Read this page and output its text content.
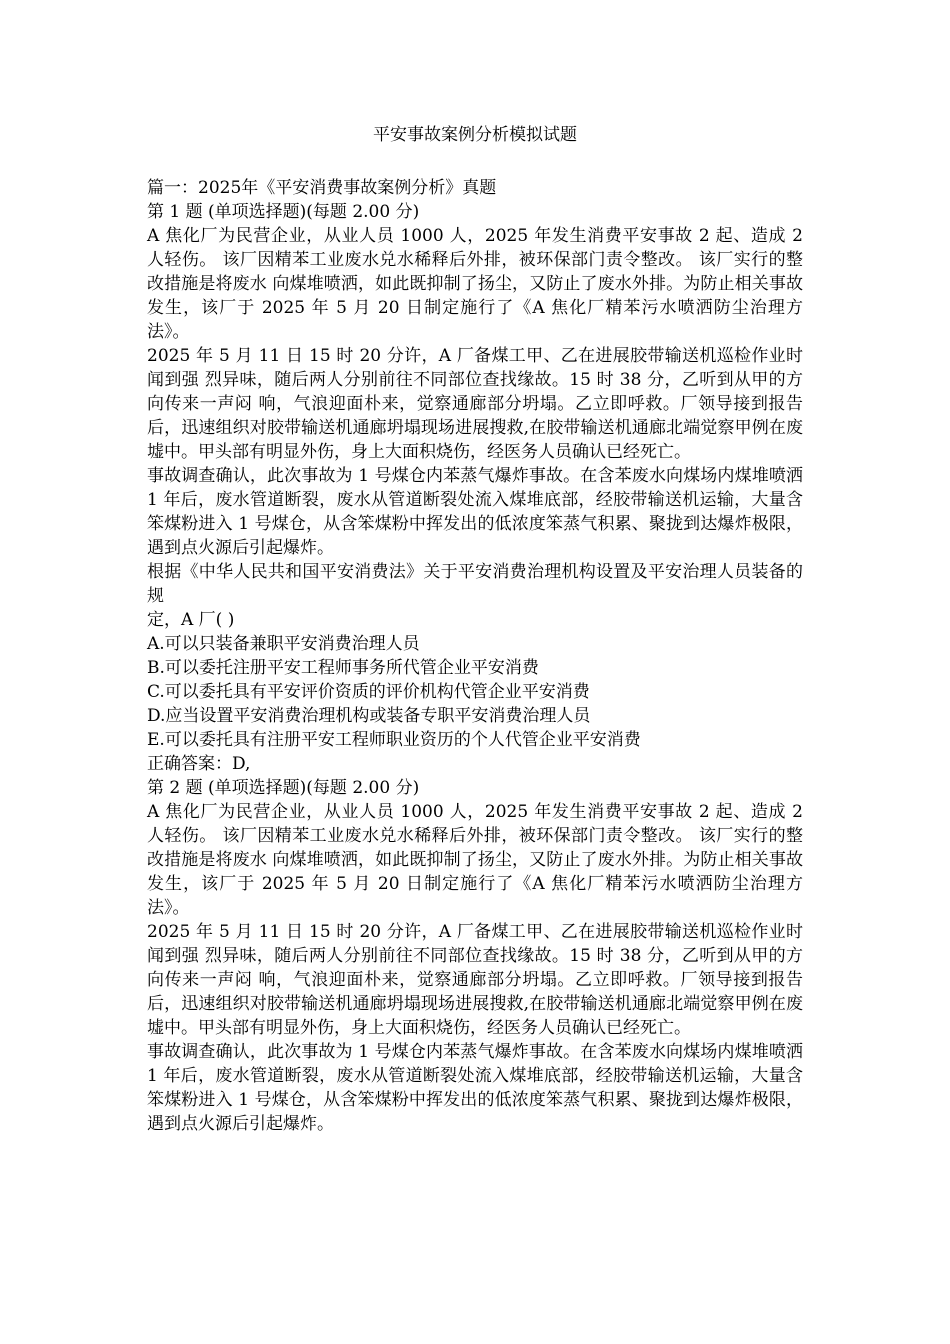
平安事故案例分析模拟试题
篇一：2025年《平安消费事故案例分析》真题
第 1 题 (单项选择题)(每题 2.00 分)
A 焦化厂为民营企业，从业人员 1000 人，2025 年发生消费平安事故 2 起、造成 2 人轻伤。 该厂因精苯工业废水兑水稀释后外排，被环保部门责令整改。 该厂实行的整改措施是将废水 向煤堆喷洒，如此既抑制了扬尘，又防止了废水外排。为防止相关事故发生，该厂于 2025 年 5 月 20 日制定施行了《A 焦化厂精苯污水喷洒防尘治理方法》。
2025 年 5 月 11 日 15 时 20 分许，A 厂备煤工甲、乙在进展胶带输送机巡检作业时闻到强 烈异味，随后两人分别前往不同部位查找缘故。15 时 38 分，乙听到从甲的方向传来一声闷 响，气浪迎面朴来，觉察通廊部分坍塌。乙立即呼救。厂领导接到报告后，迅速组织对胶带输送机通廊坍塌现场进展搜救,在胶带输送机通廊北端觉察甲例在废墟中。甲头部有明显外伤，身上大面积烧伤，经医务人员确认已经死亡。
事故调查确认，此次事故为 1 号煤仓内苯蒸气爆炸事故。在含苯废水向煤场内煤堆喷洒 1 年后，废水管道断裂，废水从管道断裂处流入煤堆底部，经胶带输送机运输，大量含笨煤粉进入 1 号煤仓，从含笨煤粉中挥发出的低浓度笨蒸气积累、聚拢到达爆炸极限，遇到点火源后引起爆炸。
根据《中华人民共和国平安消费法》关于平安消费治理机构设置及平安治理人员装备的规
定，A 厂( )
A.可以只装备兼职平安消费治理人员
B.可以委托注册平安工程师事务所代管企业平安消费
C.可以委托具有平安评价资质的评价机构代管企业平安消费
D.应当设置平安消费治理机构或装备专职平安消费治理人员
E.可以委托具有注册平安工程师职业资历的个人代管企业平安消费
正确答案：D,
第 2 题 (单项选择题)(每题 2.00 分)
A 焦化厂为民营企业，从业人员 1000 人，2025 年发生消费平安事故 2 起、造成 2 人轻伤。 该厂因精苯工业废水兑水稀释后外排，被环保部门责令整改。 该厂实行的整改措施是将废水 向煤堆喷洒，如此既抑制了扬尘，又防止了废水外排。为防止相关事故发生，该厂于 2025 年 5 月 20 日制定施行了《A 焦化厂精苯污水喷洒防尘治理方法》。
2025 年 5 月 11 日 15 时 20 分许，A 厂备煤工甲、乙在进展胶带输送机巡检作业时闻到强 烈异味，随后两人分别前往不同部位查找缘故。15 时 38 分，乙听到从甲的方向传来一声闷 响，气浪迎面朴来，觉察通廊部分坍塌。乙立即呼救。厂领导接到报告后，迅速组织对胶带输送机通廊坍塌现场进展搜救,在胶带输送机通廊北端觉察甲例在废墟中。甲头部有明显外伤，身上大面积烧伤，经医务人员确认已经死亡。
事故调查确认，此次事故为 1 号煤仓内苯蒸气爆炸事故。在含苯废水向煤场内煤堆喷洒 1 年后，废水管道断裂，废水从管道断裂处流入煤堆底部，经胶带输送机运输，大量含笨煤粉进入 1 号煤仓，从含笨煤粉中挥发出的低浓度笨蒸气积累、聚拢到达爆炸极限，遇到点火源后引起爆炸。
